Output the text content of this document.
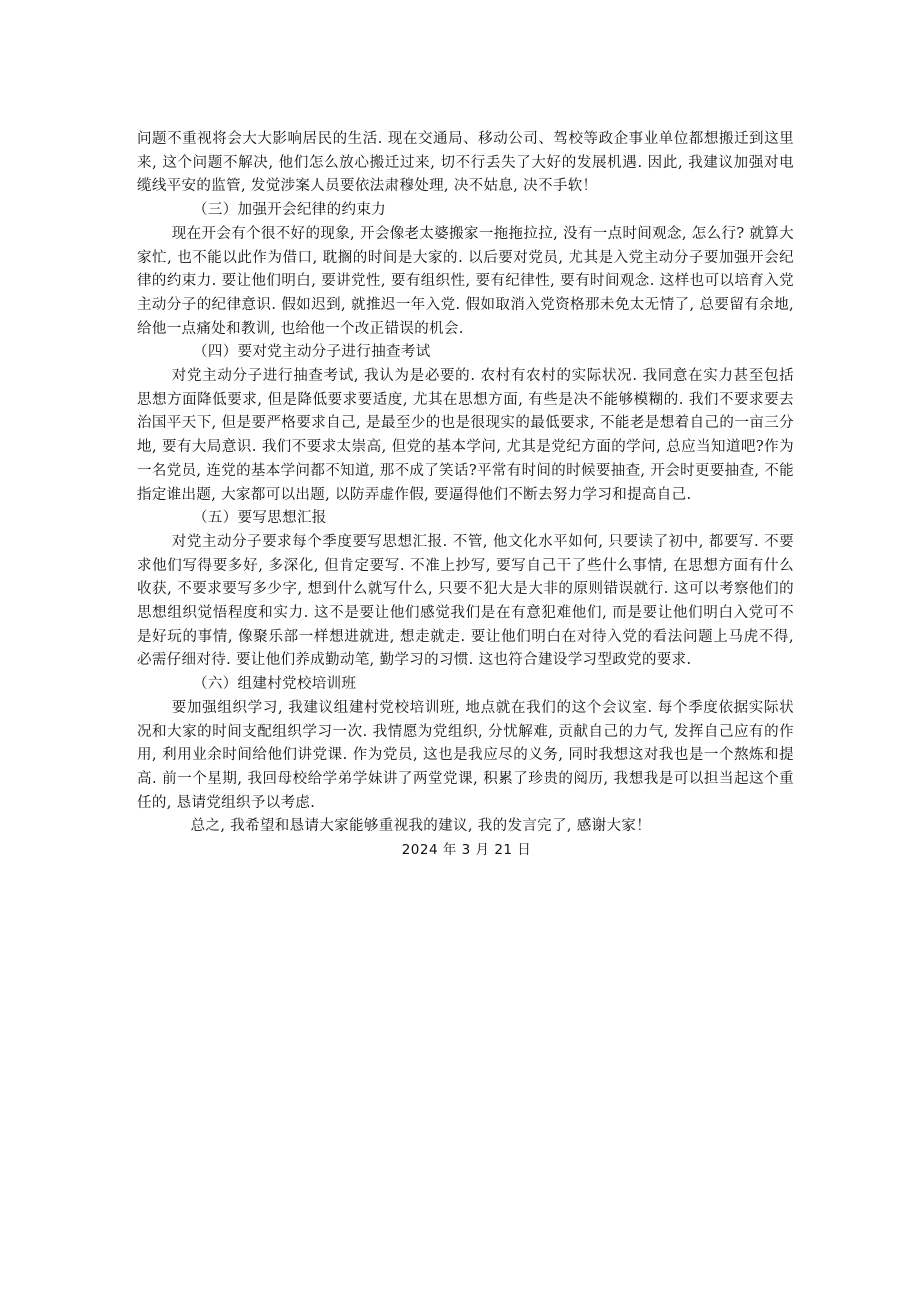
问题不重视将会大大影响居民的生活. 现在交通局、移动公司、驾校等政企事业单位都想搬迁到这里来, 这个问题不解决, 他们怎么放心搬迁过来, 切不行丢失了大好的发展机遇. 因此, 我建议加强对电缆线平安的监管, 发觉涉案人员要依法肃穆处理, 决不姑息, 决不手软！

（三）加强开会纪律的约束力

现在开会有个很不好的现象, 开会像老太婆搬家一拖拖拉拉, 没有一点时间观念, 怎么行? 就算大家忙, 也不能以此作为借口, 耽搁的时间是大家的. 以后要对党员, 尤其是入党主动分子要加强开会纪律的约束力. 要让他们明白, 要讲党性, 要有组织性, 要有纪律性, 要有时间观念. 这样也可以培育入党主动分子的纪律意识. 假如迟到, 就推迟一年入党. 假如取消入党资格那未免太无情了, 总要留有余地, 给他一点痛处和教训, 也给他一个改正错误的机会.

（四）要对党主动分子进行抽查考试

对党主动分子进行抽查考试, 我认为是必要的. 农村有农村的实际状况. 我同意在实力甚至包括思想方面降低要求, 但是降低要求要适度, 尤其在思想方面, 有些是决不能够模糊的. 我们不要求要去治国平天下, 但是要严格要求自己, 是最至少的也是很现实的最低要求, 不能老是想着自己的一亩三分地, 要有大局意识. 我们不要求太崇高, 但党的基本学问, 尤其是党纪方面的学问, 总应当知道吧?作为一名党员, 连党的基本学问都不知道, 那不成了笑话?平常有时间的时候要抽查, 开会时更要抽查, 不能指定谁出题, 大家都可以出题, 以防弄虚作假, 要逼得他们不断去努力学习和提高自己.

（五）要写思想汇报

对党主动分子要求每个季度要写思想汇报. 不管, 他文化水平如何, 只要读了初中, 都要写. 不要求他们写得要多好, 多深化, 但肯定要写. 不准上抄写, 要写自己干了些什么事情, 在思想方面有什么收获, 不要求要写多少字, 想到什么就写什么, 只要不犯大是大非的原则错误就行. 这可以考察他们的思想组织觉悟程度和实力. 这不是要让他们感觉我们是在有意犯难他们, 而是要让他们明白入党可不是好玩的事情, 像聚乐部一样想进就进, 想走就走. 要让他们明白在对待入党的看法问题上马虎不得, 必需仔细对待. 要让他们养成勤动笔, 勤学习的习惯. 这也符合建设学习型政党的要求.

（六）组建村党校培训班

要加强组织学习, 我建议组建村党校培训班, 地点就在我们的这个会议室. 每个季度依据实际状况和大家的时间支配组织学习一次. 我情愿为党组织, 分忧解难, 贡献自己的力气, 发挥自己应有的作用, 利用业余时间给他们讲党课. 作为党员, 这也是我应尽的义务, 同时我想这对我也是一个熬炼和提高. 前一个星期, 我回母校给学弟学妹讲了两堂党课, 积累了珍贵的阅历, 我想我是可以担当起这个重任的, 恳请党组织予以考虑.

总之, 我希望和恳请大家能够重视我的建议, 我的发言完了, 感谢大家！

2024 年 3 月 21 日
